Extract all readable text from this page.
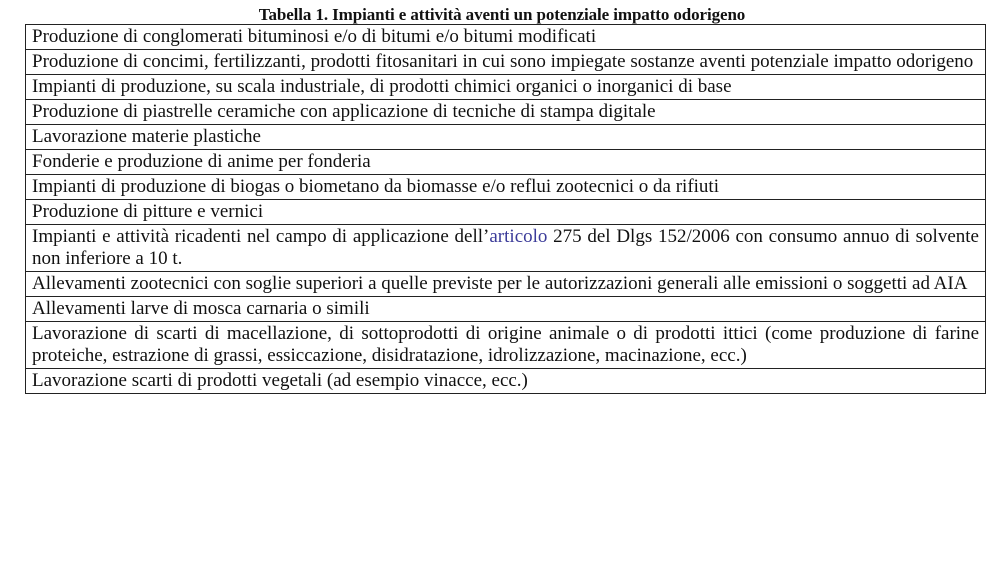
Tabella 1. Impianti e attività aventi un potenziale impatto odorigeno
Produzione di conglomerati bituminosi e/o di bitumi e/o bitumi modificati
Produzione di concimi, fertilizzanti, prodotti fitosanitari in cui sono impiegate sostanze aventi potenziale impatto odorigeno
Impianti di produzione, su scala industriale, di prodotti chimici organici o inorganici di base
Produzione di piastrelle ceramiche con applicazione di tecniche di stampa digitale
Lavorazione materie plastiche
Fonderie e produzione di anime per fonderia
Impianti di produzione di biogas o biometano da biomasse e/o reflui zootecnici o da rifiuti
Produzione di pitture e vernici
Impianti e attività ricadenti nel campo di applicazione dell’articolo 275 del Dlgs 152/2006 con consumo annuo di solvente non inferiore a 10 t.
Allevamenti zootecnici con soglie superiori a quelle previste per le autorizzazioni generali alle emissioni o soggetti ad AIA
Allevamenti larve di mosca carnaria o simili
Lavorazione di scarti di macellazione, di sottoprodotti di origine animale o di prodotti ittici (come produzione di farine proteiche, estrazione di grassi, essiccazione, disidratazione, idrolizzazione, macinazione, ecc.)
Lavorazione scarti di prodotti vegetali (ad esempio vinacce, ecc.)
